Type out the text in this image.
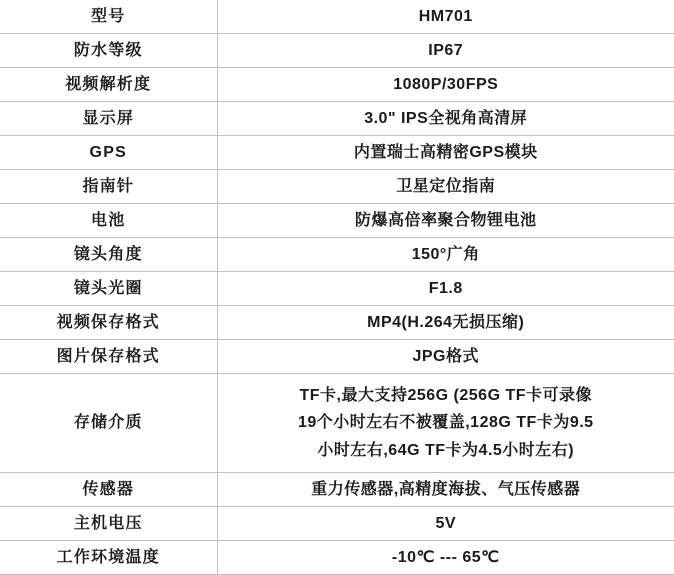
型号	HM701
防水等级	IP67
视频解析度	1080P/30FPS
显示屏	3.0" IPS全视角高清屏
GPS	内置瑞士高精密GPS模块
指南针	卫星定位指南
电池	防爆高倍率聚合物锂电池
镜头角度	150°广角
镜头光圈	F1.8
视频保存格式	MP4(H.264无损压缩)
图片保存格式	JPG格式
存储介质	TF卡,最大支持256G (256G TF卡可录像
19个小时左右不被覆盖,128G TF卡为9.5
小时左右,64G TF卡为4.5小时左右)

传感器	重力传感器,高精度海拔、气压传感器
主机电压	5V
工作环境温度	-10℃ --- 65℃
